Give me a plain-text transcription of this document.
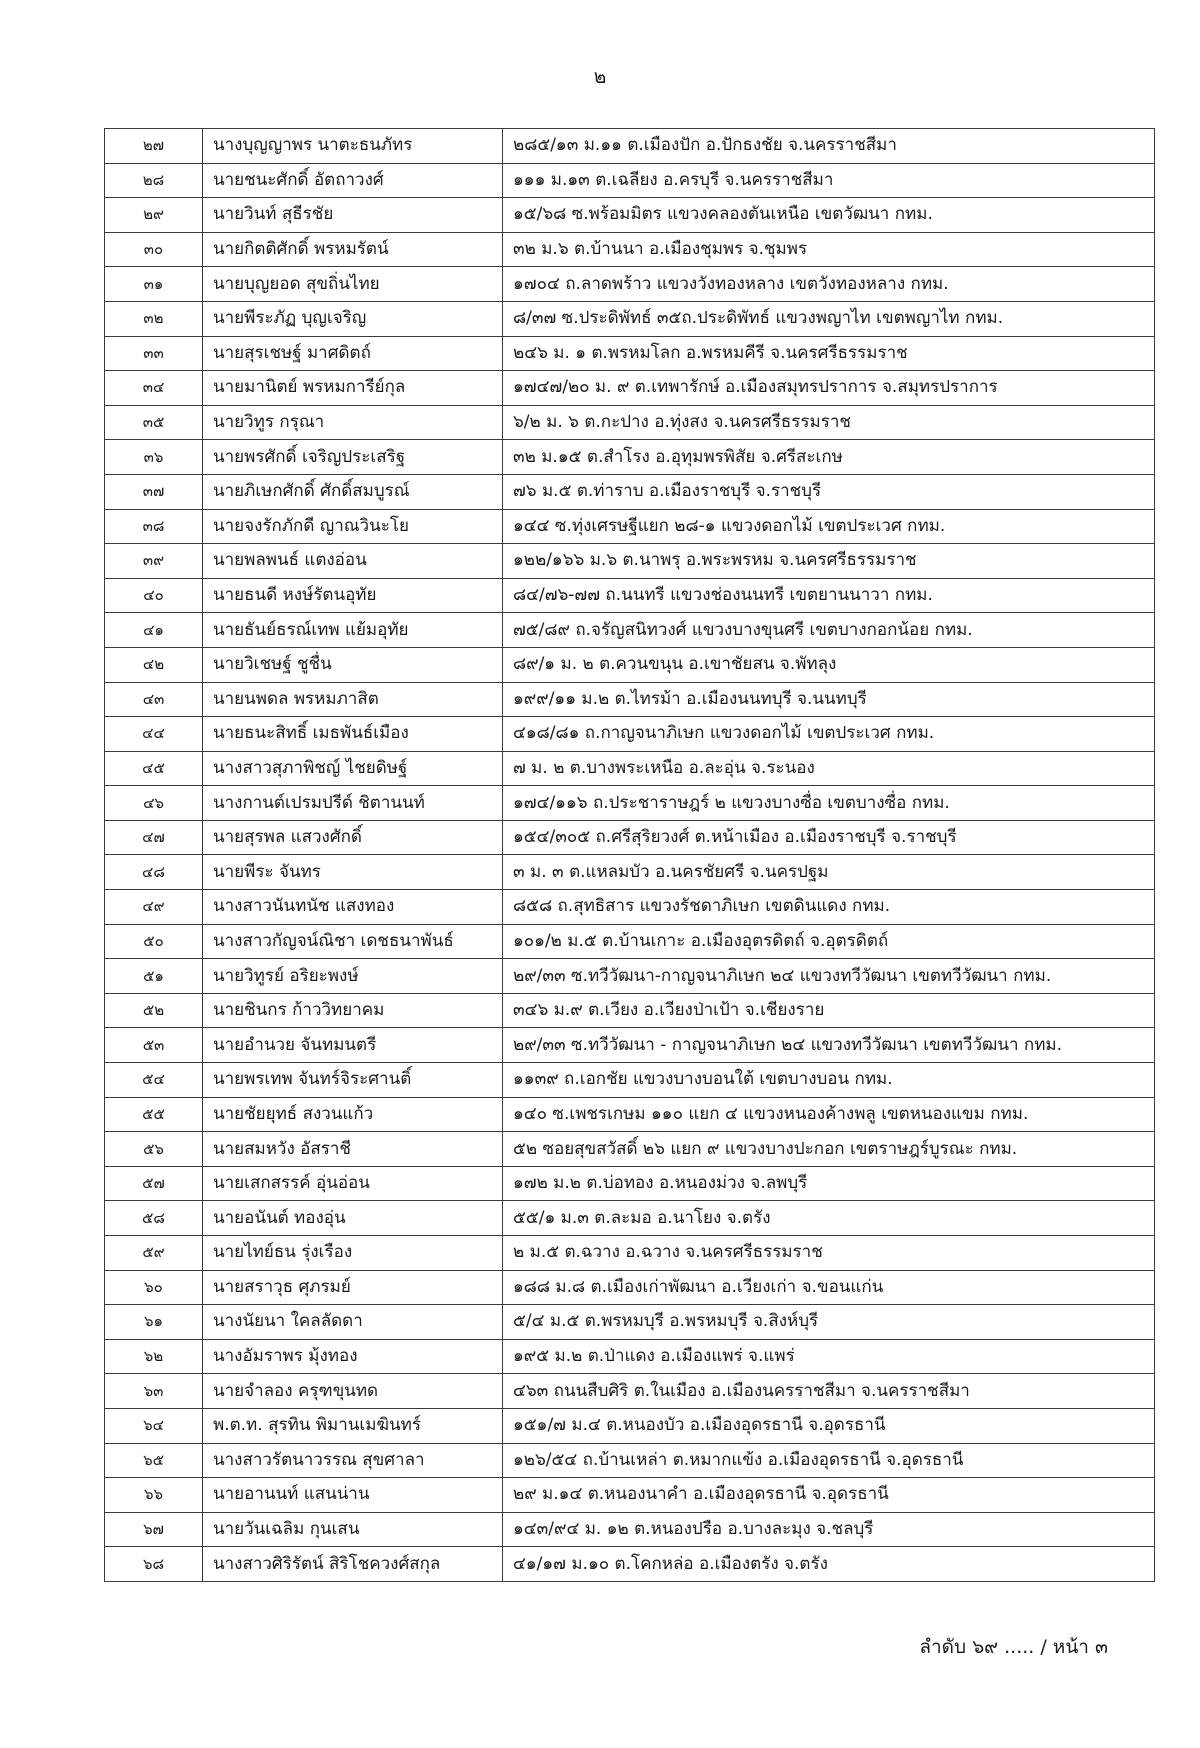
๒
๒๗	นางบุญญาพร นาตะธนภัทร	๒๘๕/๑๓ ม.๑๑ ต.เมืองปัก อ.ปักธงชัย จ.นครราชสีมา
๒๘	นายชนะศักดิ์ อัตถาวงศ์	๑๑๑ ม.๑๓ ต.เฉลียง อ.ครบุรี จ.นครราชสีมา
๒๙	นายวินท์ สุธีรชัย	๑๕/๖๘ ซ.พร้อมมิตร แขวงคลองตันเหนือ เขตวัฒนา กทม.
๓๐	นายกิตติศักดิ์ พรหมรัตน์	๓๒ ม.๖ ต.บ้านนา อ.เมืองชุมพร จ.ชุมพร
๓๑	นายบุญยอด สุขถิ่นไทย	๑๗๐๔ ถ.ลาดพร้าว แขวงวังทองหลาง เขตวังทองหลาง กทม.
๓๒	นายพีระภัฏ บุญเจริญ	๘/๓๗ ซ.ประดิพัทธ์ ๓๕ถ.ประดิพัทธ์ แขวงพญาไท เขตพญาไท กทม.
๓๓	นายสุรเชษฐ์ มาศดิตถ์	๒๔๖ ม. ๑ ต.พรหมโลก อ.พรหมคีรี จ.นครศรีธรรมราช
๓๔	นายมานิตย์ พรหมการีย์กุล	๑๗๔๗/๒๐ ม. ๙ ต.เทพารักษ์ อ.เมืองสมุทรปราการ จ.สมุทรปราการ
๓๕	นายวิทูร กรุณา	๖/๒ ม. ๖ ต.กะปาง อ.ทุ่งสง จ.นครศรีธรรมราช
๓๖	นายพรศักดิ์ เจริญประเสริฐ	๓๒ ม.๑๕ ต.สำโรง อ.อุทุมพรพิสัย จ.ศรีสะเกษ
๓๗	นายภิเษกศักดิ์ ศักดิ์สมบูรณ์	๗๖ ม.๕ ต.ท่าราบ อ.เมืองราชบุรี จ.ราชบุรี
๓๘	นายจงรักภักดี ญาณวินะโย	๑๔๔ ซ.ทุ่งเศรษฐีแยก ๒๘-๑ แขวงดอกไม้ เขตประเวศ กทม.
๓๙	นายพลพนธ์ แตงอ่อน	๑๒๒/๑๖๖ ม.๖ ต.นาพรุ อ.พระพรหม จ.นครศรีธรรมราช
๔๐	นายธนดี หงษ์รัตนอุทัย	๘๔/๗๖-๗๗ ถ.นนทรี แขวงช่องนนทรี เขตยานนาวา กทม.
๔๑	นายธันย์ธรณ์เทพ แย้มอุทัย	๗๕/๘๙ ถ.จรัญสนิทวงศ์ แขวงบางขุนศรี เขตบางกอกน้อย กทม.
๔๒	นายวิเชษฐ์ ชูชื่น	๘๙/๑ ม. ๒ ต.ควนขนุน อ.เขาชัยสน จ.พัทลุง
๔๓	นายนพดล พรหมภาสิต	๑๙๙/๑๑ ม.๒ ต.ไทรม้า อ.เมืองนนทบุรี จ.นนทบุรี
๔๔	นายธนะสิทธิ์ เมธพันธ์เมือง	๔๑๘/๘๑ ถ.กาญจนาภิเษก แขวงดอกไม้ เขตประเวศ กทม.
๔๕	นางสาวสุภาพิชญ์ ไชยดิษฐ์	๗ ม. ๒ ต.บางพระเหนือ อ.ละอุ่น จ.ระนอง
๔๖	นางกานต์เปรมปรีด์ ชิตานนท์	๑๗๔/๑๑๖ ถ.ประชาราษฎร์ ๒ แขวงบางซื่อ เขตบางซื่อ กทม.
๔๗	นายสุรพล แสวงศักดิ์	๑๕๔/๓๐๕ ถ.ศรีสุริยวงศ์ ต.หน้าเมือง อ.เมืองราชบุรี จ.ราชบุรี
๔๘	นายพีระ จันทร	๓ ม. ๓ ต.แหลมบัว อ.นครชัยศรี จ.นครปฐม
๔๙	นางสาวนันทนัช แสงทอง	๘๕๘ ถ.สุทธิสาร แขวงรัชดาภิเษก เขตดินแดง กทม.
๕๐	นางสาวกัญจน์ณิชา เดชธนาพันธ์	๑๐๑/๒ ม.๕ ต.บ้านเกาะ อ.เมืองอุตรดิตถ์ จ.อุตรดิตถ์
๕๑	นายวิทูรย์ อริยะพงษ์	๒๙/๓๓ ซ.ทวีวัฒนา-กาญจนาภิเษก ๒๔ แขวงทวีวัฒนา เขตทวีวัฒนา กทม.
๕๒	นายชินกร ก้าววิทยาคม	๓๔๖ ม.๙ ต.เวียง อ.เวียงป่าเป้า จ.เชียงราย
๕๓	นายอำนวย จันทมนตรี	๒๙/๓๓ ซ.ทวีวัฒนา - กาญจนาภิเษก ๒๔ แขวงทวีวัฒนา เขตทวีวัฒนา กทม.
๕๔	นายพรเทพ จันทร์จิระศานติ์	๑๑๓๙ ถ.เอกชัย แขวงบางบอนใต้ เขตบางบอน กทม.
๕๕	นายชัยยุทธ์ สงวนแก้ว	๑๔๐ ซ.เพชรเกษม ๑๑๐ แยก ๔ แขวงหนองค้างพลู เขตหนองแขม กทม.
๕๖	นายสมหวัง อัสราชี	๕๒ ซอยสุขสวัสดิ์ ๒๖ แยก ๙ แขวงบางปะกอก เขตราษฎร์บูรณะ กทม.
๕๗	นายเสกสรรค์ อุ่นอ่อน	๑๗๒ ม.๒ ต.บ่อทอง อ.หนองม่วง จ.ลพบุรี
๕๘	นายอนันต์ ทองอุ่น	๕๕/๑ ม.๓ ต.ละมอ อ.นาโยง จ.ตรัง
๕๙	นายไทย์ธน รุ่งเรือง	๒ ม.๕ ต.ฉวาง อ.ฉวาง จ.นครศรีธรรมราช
๖๐	นายสราวุธ ศุภรมย์	๑๘๘ ม.๘ ต.เมืองเก่าพัฒนา อ.เวียงเก่า จ.ขอนแก่น
๖๑	นางนัยนา ใคลลัดดา	๕/๔ ม.๕ ต.พรหมบุรี อ.พรหมบุรี จ.สิงห์บุรี
๖๒	นางอัมราพร มุ้งทอง	๑๙๕ ม.๒ ต.ป่าแดง อ.เมืองแพร่ จ.แพร่
๖๓	นายจำลอง ครุฑขุนทด	๔๖๓ ถนนสืบศิริ ต.ในเมือง อ.เมืองนครราชสีมา จ.นครราชสีมา
๖๔	พ.ต.ท. สุรทิน พิมานเมฆินทร์	๑๕๑/๗ ม.๔ ต.หนองบัว อ.เมืองอุดรธานี จ.อุดรธานี
๖๕	นางสาวรัตนาวรรณ สุขศาลา	๑๒๖/๕๔ ถ.บ้านเหล่า ต.หมากแข้ง อ.เมืองอุดรธานี จ.อุดรธานี
๖๖	นายอานนท์ แสนน่าน	๒๙ ม.๑๔ ต.หนองนาคำ อ.เมืองอุดรธานี จ.อุดรธานี
๖๗	นายวันเฉลิม กุนเสน	๑๔๓/๙๔ ม. ๑๒ ต.หนองปรือ อ.บางละมุง จ.ชลบุรี
๖๘	นางสาวศิริรัตน์ สิริโชควงศ์สกุล	๔๑/๑๗ ม.๑๐ ต.โคกหล่อ อ.เมืองตรัง จ.ตรัง
ลำดับ ๖๙ ..... / หน้า ๓
